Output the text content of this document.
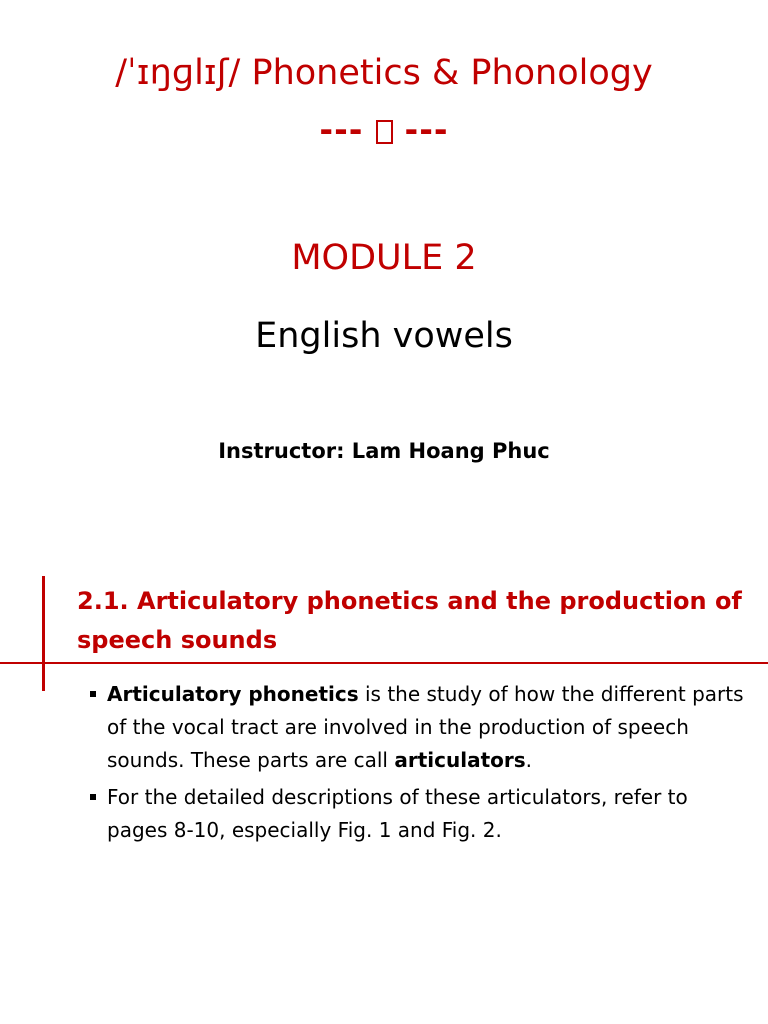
/ˈɪŋɡlɪʃ/ Phonetics & Phonology
--- ---
MODULE 2
English vowels
Instructor: Lam Hoang Phuc
2.1. Articulatory phonetics and the production of speech sounds
Articulatory phonetics is the study of how the different parts of the vocal tract are involved in the production of speech sounds. These parts are call articulators.
For the detailed descriptions of these articulators, refer to pages 8-10, especially Fig. 1 and Fig. 2.
